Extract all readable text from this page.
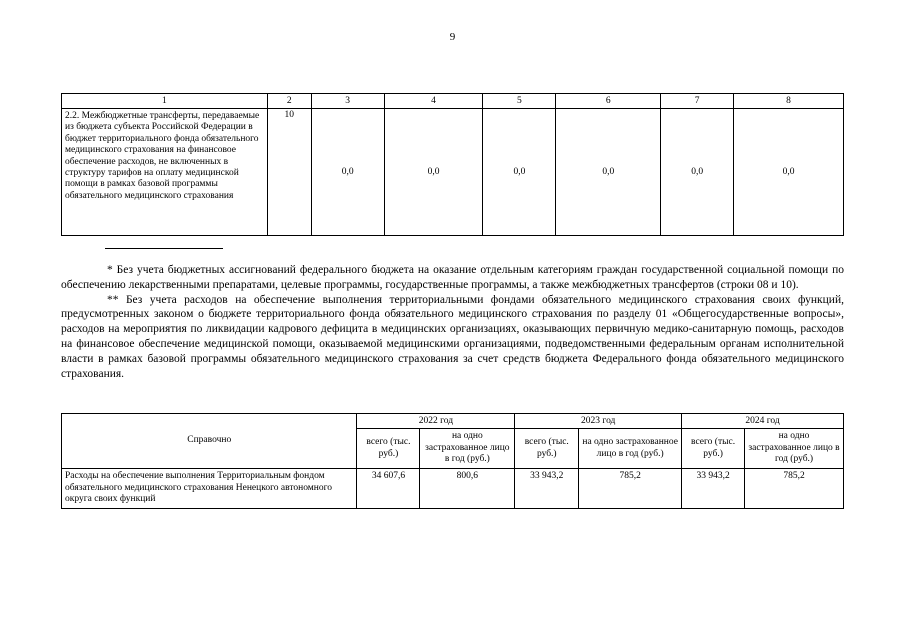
9
1	2	3	4	5	6	7	8
2.2. Межбюджетные трансферты, передаваемые из бюджета субъекта Российской Федерации в бюджет территориального фонда обязательного медицинского страхования на финансовое обеспечение расходов, не включенных в структуру тарифов на оплату медицинской помощи в рамках базовой программы обязательного медицинского страхования	10	0,0	0,0	0,0	0,0	0,0	0,0

* Без учета бюджетных ассигнований федерального бюджета на оказание отдельным категориям граждан государственной социальной помощи по обеспечению лекарственными препаратами, целевые программы, государственные программы, а также межбюджетных трансфертов (строки 08 и 10).

** Без учета расходов на обеспечение выполнения территориальными фондами обязательного медицинского страхования своих функций, предусмотренных законом о бюджете территориального фонда обязательного медицинского страхования по разделу 01 «Общегосударственные вопросы», расходов на мероприятия по ликвидации кадрового дефицита в медицинских организациях, оказывающих первичную медико-санитарную помощь, расходов на финансовое обеспечение медицинской помощи, оказываемой медицинскими организациями, подведомственными федеральным органам исполнительной власти в рамках базовой программы обязательного медицинского страхования за счет средств бюджета Федерального фонда обязательного медицинского страхования.

Справочно	2022 год		2023 год		2024 год	
	всего (тыс. руб.)	на одно застрахованное лицо в год (руб.)	всего (тыс. руб.)	на одно застрахованное лицо в год (руб.)	всего (тыс. руб.)	на одно застрахованное лицо в год (руб.)
Расходы на обеспечение выполнения Территориальным фондом обязательного медицинского страхования Ненецкого автономного округа своих функций	34 607,6	800,6	33 943,2	785,2	33 943,2	785,2
